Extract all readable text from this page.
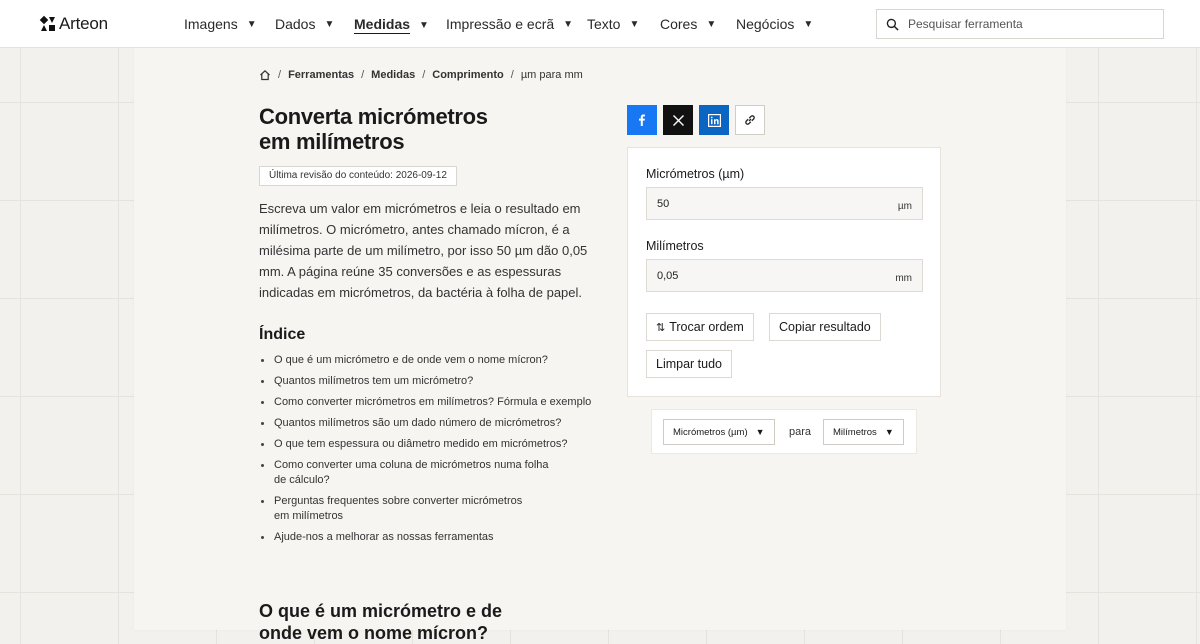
Arteon	Imagens ▼ Dados ▼ Medidas ▼ Impressão e ecrã ▼ Texto ▼ Cores ▼ Negócios ▼
Pesquisar ferramenta
/ Ferramentas / Medidas / Comprimento / µm para mm
Converta micrómetros
em milímetros
Última revisão do conteúdo: 2026-09-12

Escreva um valor em micrómetros e leia o resultado em milímetros. O micrómetro, antes chamado mícron, é a milésima parte de um milímetro, por isso 50 µm dão 0,05 mm. A página reúne 35 conversões e as espessuras indicadas em micrómetros, da bactéria à folha de papel.

Índice
O que é um micrómetro e de onde vem o nome mícron?
Quantos milímetros tem um micrómetro?
Como converter micrómetros em milímetros? Fórmula e exemplo
Quantos milímetros são um dado número de micrómetros?
O que tem espessura ou diâmetro medido em micrómetros?
Como converter uma coluna de micrómetros numa folha de cálculo?
Perguntas frequentes sobre converter micrómetros em milímetros
Ajude-nos a melhorar as nossas ferramentas
O que é um micrómetro e de
onde vem o nome mícron?
Micrómetros (µm)
50	µm
Milímetros
0,05	mm
⇅ Trocar ordem	Copiar resultado
Limpar tudo
Micrómetros (µm) ▼ para Milímetros ▼
